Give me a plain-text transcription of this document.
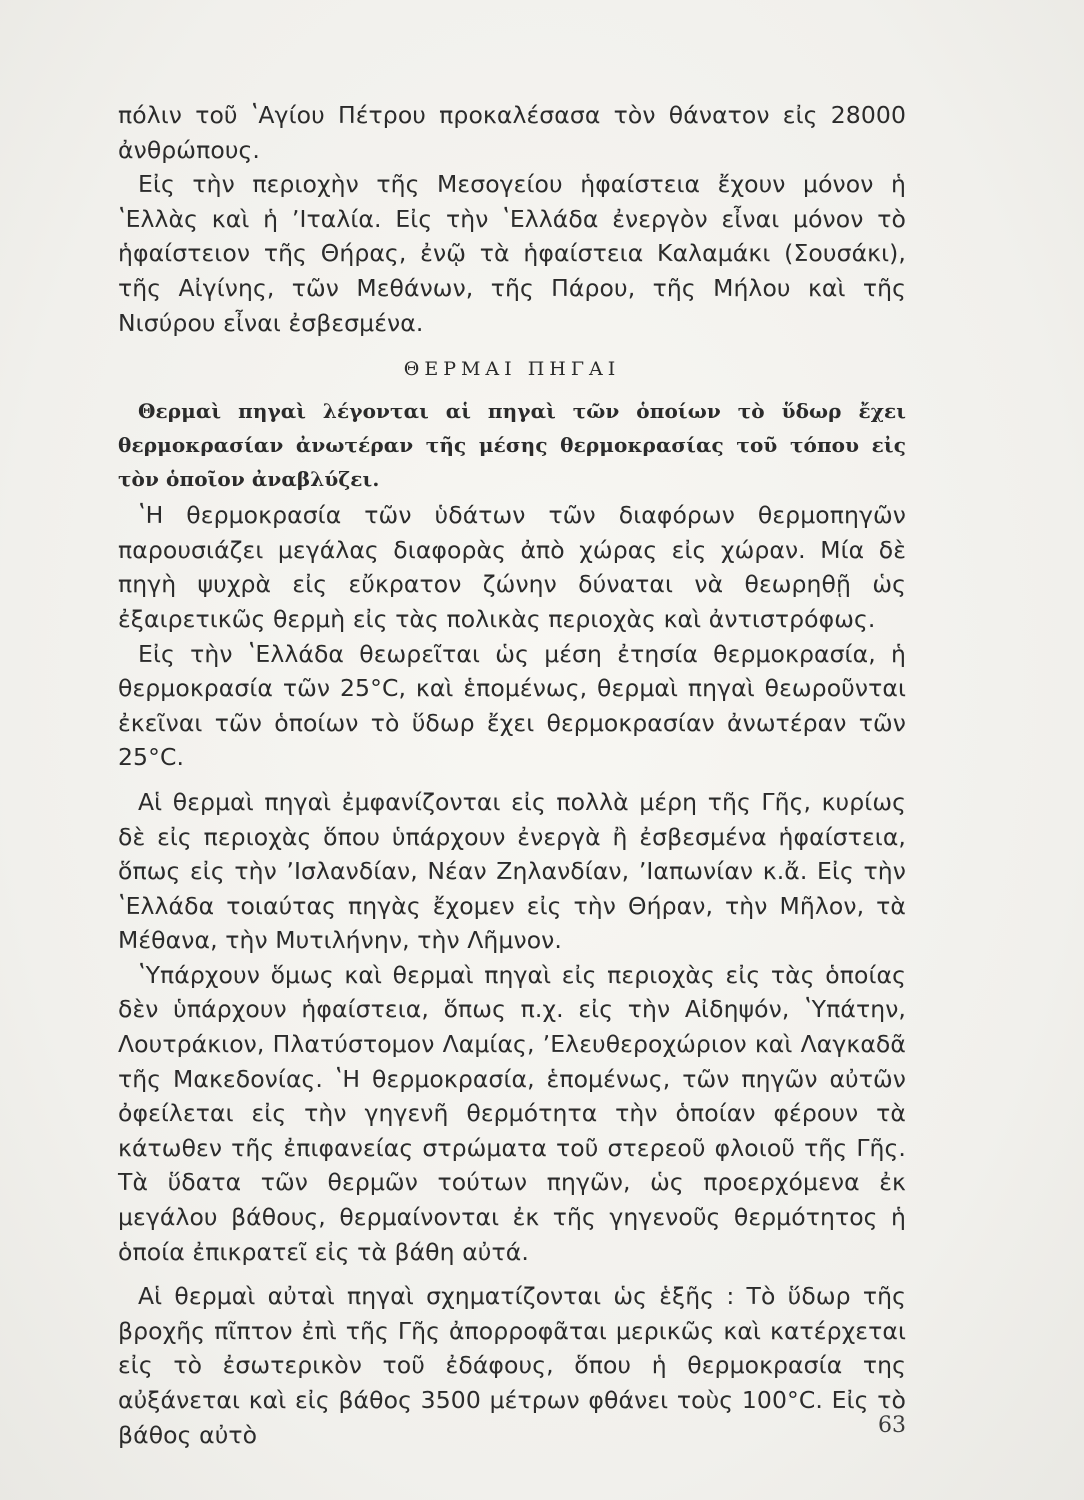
πόλιν τοῦ ʽΑγίου Πέτρου προκαλέσασα τὸν θάνατον εἰς 28000 ἀνθρώπους.

Εἰς τὴν περιοχὴν τῆς Μεσογείου ἡφαίστεια ἔχουν μόνον ἡ ʽΕλλὰς καὶ ἡ ʼΙταλία. Εἰς τὴν ʽΕλλάδα ἐνεργὸν εἶναι μόνον τὸ ἡφαίστειον τῆς Θήρας, ἐνῷ τὰ ἡφαίστεια Καλαμάκι (Σουσάκι), τῆς Αἰγίνης, τῶν Μεθάνων, τῆς Πάρου, τῆς Μήλου καὶ τῆς Νισύρου εἶναι ἐσβεσμένα.

ΘΕΡΜΑΙ ΠΗΓΑΙ

Θερμαὶ πηγαὶ λέγονται αἱ πηγαὶ τῶν ὁποίων τὸ ὕδωρ ἔχει θερμοκρασίαν ἀνωτέραν τῆς μέσης θερμοκρασίας τοῦ τόπου εἰς τὸν ὁποῖον ἀναβλύζει.

ʽΗ θερμοκρασία τῶν ὑδάτων τῶν διαφόρων θερμοπηγῶν παρουσιάζει μεγάλας διαφορὰς ἀπὸ χώρας εἰς χώραν. Μία δὲ πηγὴ ψυχρὰ εἰς εὔκρατον ζώνην δύναται νὰ θεωρηθῇ ὡς ἐξαιρετικῶς θερμὴ εἰς τὰς πολικὰς περιοχὰς καὶ ἀντιστρόφως.

Εἰς τὴν ʽΕλλάδα θεωρεῖται ὡς μέση ἐτησία θερμοκρασία, ἡ θερμοκρασία τῶν 25°C, καὶ ἑπομένως, θερμαὶ πηγαὶ θεωροῦνται ἐκεῖναι τῶν ὁποίων τὸ ὕδωρ ἔχει θερμοκρασίαν ἀνωτέραν τῶν 25°C.

Αἱ θερμαὶ πηγαὶ ἐμφανίζονται εἰς πολλὰ μέρη τῆς Γῆς, κυρίως δὲ εἰς περιοχὰς ὅπου ὑπάρχουν ἐνεργὰ ἢ ἐσβεσμένα ἡφαίστεια, ὅπως εἰς τὴν ʼΙσλανδίαν, Νέαν Ζηλανδίαν, ʼΙαπωνίαν κ.ἄ. Εἰς τὴν ʽΕλλάδα τοιαύτας πηγὰς ἔχομεν εἰς τὴν Θήραν, τὴν Μῆλον, τὰ Μέθανα, τὴν Μυτιλήνην, τὴν Λῆμνον.

ʽΥπάρχουν ὅμως καὶ θερμαὶ πηγαὶ εἰς περιοχὰς εἰς τὰς ὁποίας δὲν ὑπάρχουν ἡφαίστεια, ὅπως π.χ. εἰς τὴν Αἰδηψόν, ʽΥπάτην, Λουτράκιον, Πλατύστομον Λαμίας, ʼΕλευθεροχώριον καὶ Λαγκαδᾶ τῆς Μακεδονίας. ʽΗ θερμοκρασία, ἑπομένως, τῶν πηγῶν αὐτῶν ὀφείλεται εἰς τὴν γηγενῆ θερμότητα τὴν ὁποίαν φέρουν τὰ κάτωθεν τῆς ἐπιφανείας στρώματα τοῦ στερεοῦ φλοιοῦ τῆς Γῆς. Τὰ ὕδατα τῶν θερμῶν τούτων πηγῶν, ὡς προερχόμενα ἐκ μεγάλου βάθους, θερμαίνονται ἐκ τῆς γηγενοῦς θερμότητος ἡ ὁποία ἐπικρατεῖ εἰς τὰ βάθη αὐτά.

Αἱ θερμαὶ αὐταὶ πηγαὶ σχηματίζονται ὡς ἑξῆς : Τὸ ὕδωρ τῆς βροχῆς πῖπτον ἐπὶ τῆς Γῆς ἀπορροφᾶται μερικῶς καὶ κατέρχεται εἰς τὸ ἐσωτερικὸν τοῦ ἐδάφους, ὅπου ἡ θερμοκρασία της αὐξάνεται καὶ εἰς βάθος 3500 μέτρων φθάνει τοὺς 100°C. Εἰς τὸ βάθος αὐτὸ	63
